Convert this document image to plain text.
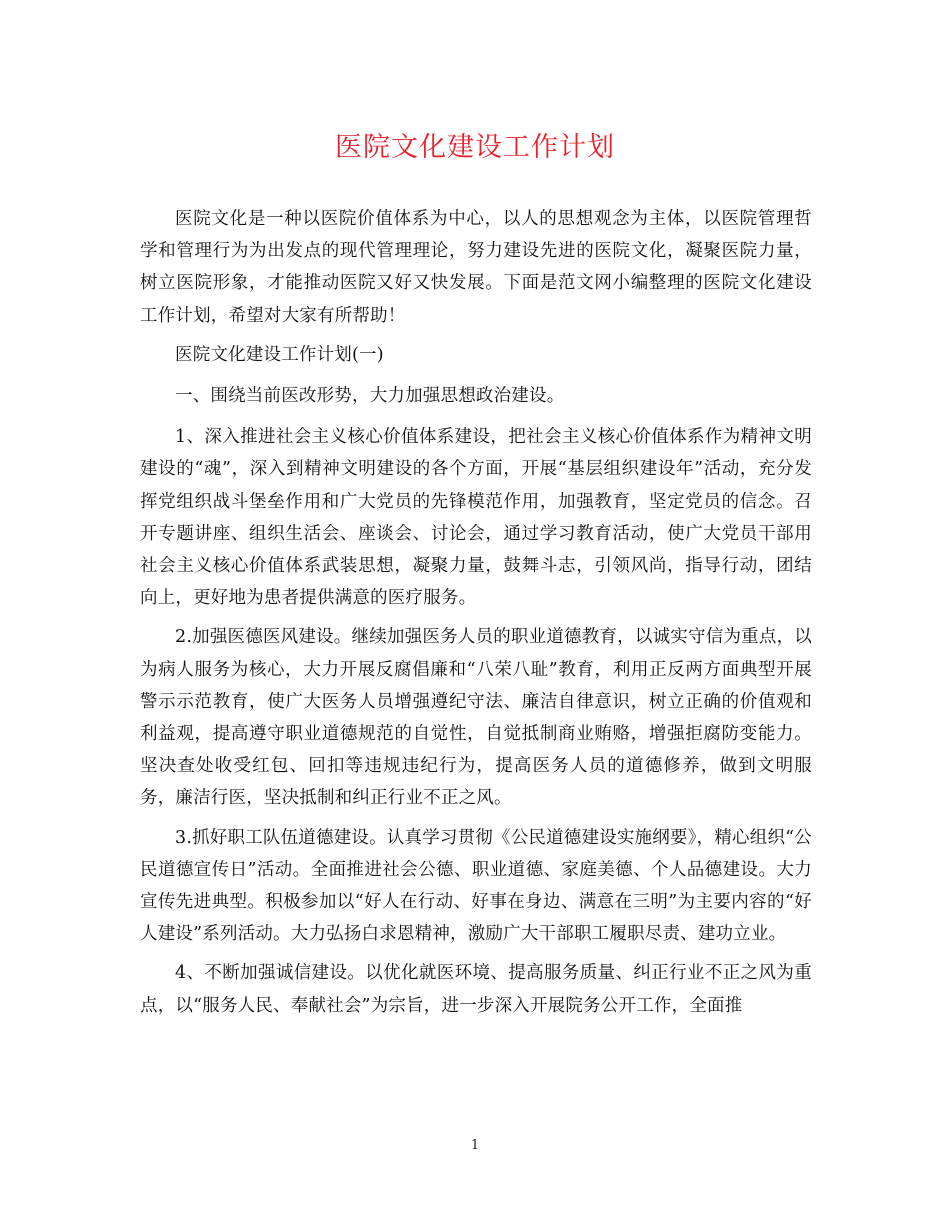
医院文化建设工作计划

医院文化是一种以医院价值体系为中心，以人的思想观念为主体，以医院管理哲学和管理行为为出发点的现代管理理论，努力建设先进的医院文化，凝聚医院力量，树立医院形象，才能推动医院又好又快发展。下面是范文网小编整理的医院文化建设工作计划，希望对大家有所帮助！

医院文化建设工作计划(一)

一、围绕当前医改形势，大力加强思想政治建设。

1、深入推进社会主义核心价值体系建设，把社会主义核心价值体系作为精神文明建设的“魂”，深入到精神文明建设的各个方面，开展“基层组织建设年”活动，充分发挥党组织战斗堡垒作用和广大党员的先锋模范作用，加强教育，坚定党员的信念。召开专题讲座、组织生活会、座谈会、讨论会，通过学习教育活动，使广大党员干部用社会主义核心价值体系武装思想，凝聚力量，鼓舞斗志，引领风尚，指导行动，团结向上，更好地为患者提供满意的医疗服务。

2.加强医德医风建设。继续加强医务人员的职业道德教育，以诚实守信为重点，以为病人服务为核心，大力开展反腐倡廉和“八荣八耻”教育，利用正反两方面典型开展警示示范教育，使广大医务人员增强遵纪守法、廉洁自律意识，树立正确的价值观和利益观，提高遵守职业道德规范的自觉性，自觉抵制商业贿赂，增强拒腐防变能力。坚决查处收受红包、回扣等违规违纪行为，提高医务人员的道德修养，做到文明服务，廉洁行医，坚决抵制和纠正行业不正之风。

3.抓好职工队伍道德建设。认真学习贯彻《公民道德建设实施纲要》，精心组织“公民道德宣传日”活动。全面推进社会公德、职业道德、家庭美德、个人品德建设。大力宣传先进典型。积极参加以“好人在行动、好事在身边、满意在三明”为主要内容的“好人建设”系列活动。大力弘扬白求恩精神，激励广大干部职工履职尽责、建功立业。

4、不断加强诚信建设。以优化就医环境、提高服务质量、纠正行业不正之风为重点，以“服务人民、奉献社会”为宗旨，进一步深入开展院务公开工作，全面推

1
